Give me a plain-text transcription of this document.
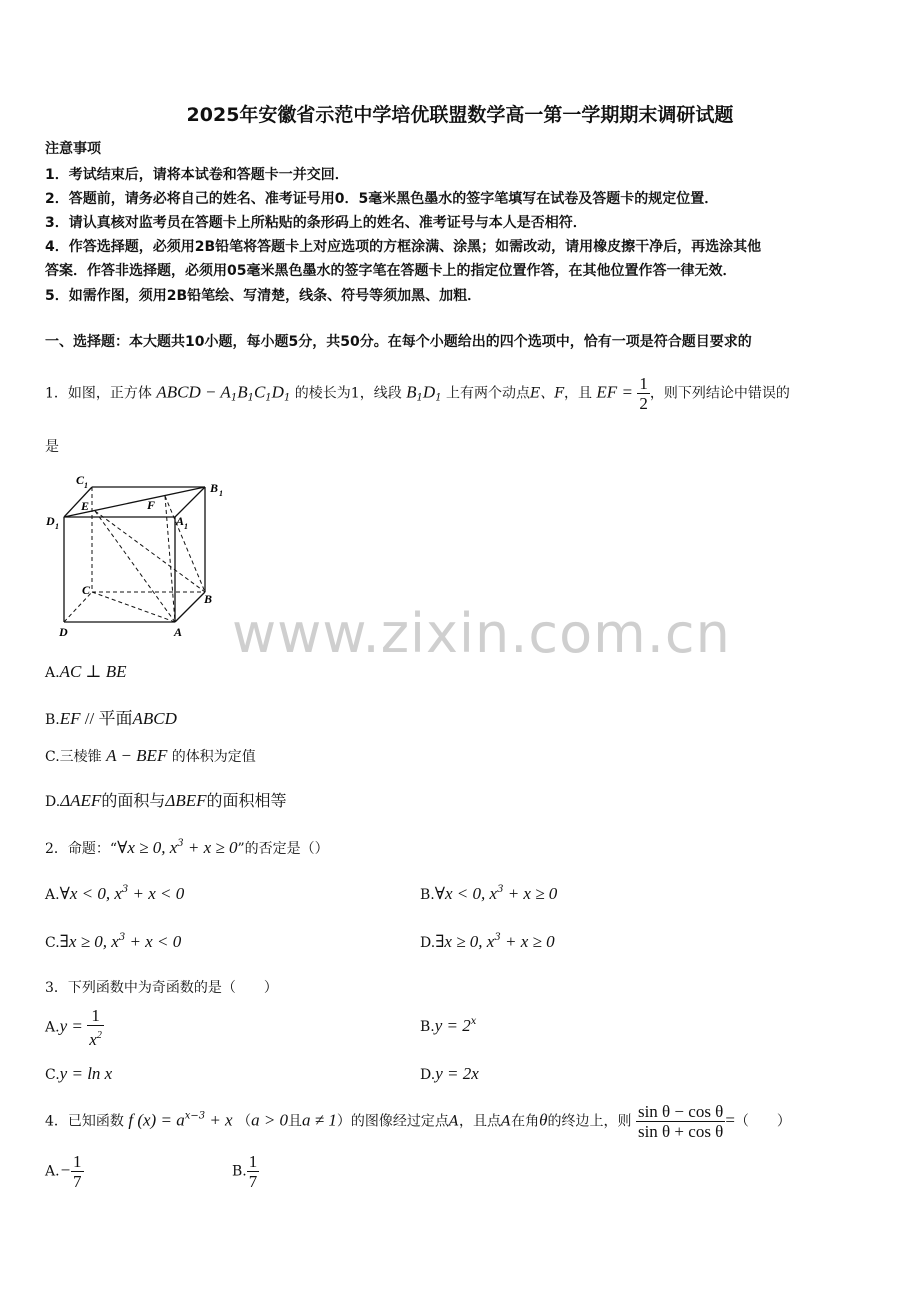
2025年安徽省示范中学培优联盟数学高一第一学期期末调研试题
注意事项
1．考试结束后，请将本试卷和答题卡一并交回．
2．答题前，请务必将自己的姓名、准考证号用0．5毫米黑色墨水的签字笔填写在试卷及答题卡的规定位置．
3．请认真核对监考员在答题卡上所粘贴的条形码上的姓名、准考证号与本人是否相符．
4．作答选择题，必须用2B铅笔将答题卡上对应选项的方框涂满、涂黑；如需改动，请用橡皮擦干净后，再选涂其他
答案．作答非选择题，必须用05毫米黑色墨水的签字笔在答题卡上的指定位置作答，在其他位置作答一律无效．
5．如需作图，须用2B铅笔绘、写清楚，线条、符号等须加黑、加粗．
一、选择题：本大题共10小题，每小题5分，共50分。在每个小题给出的四个选项中，恰有一项是符合题目要求的
1．如图，正方体 ABCD − $A_1B_1C_1D_1$ 的棱长为1，线段 $B_1D_1$ 上有两个动点E、F，且 EF = $\frac{1}{2}$ ，则下列结论中错误的
是
C 1	B 1
D 1	A 1
E	F
C
B
D	A www.zixin.com.cn
A.AC ⊥ BE
B.EF // 平面ABCD
C.三棱锥 A − BEF 的体积为定值
D.ΔAEF的面积与ΔBEF的面积相等
2．命题：“∀x ≥ 0, $x^3 + x \ge 0$”的否定是（）
A.∀x < 0, $x^3 + x < 0$	B.∀x < 0, $x^3 + x \ge 0$
C.∃x ≥ 0, $x^3 + x < 0$	D.∃x ≥ 0, $x^3 + x \ge 0$
3．下列函数中为奇函数的是（　　）
$A.y = \frac{1}{x^2}$	$B.y = 2^x$
C.y = ln x	D.y = 2x
4．已知函数 f $(x) = a^{x-3} + x$ （a > 0且a ≠ 1）的图像经过定点A，且点A在角θ的终边上，则 $\frac{\text{sin θ − cos θ}}{\text{sin θ + cos θ}}$ =（　　）
$A.- \frac{1}{7}$	B. $\frac{1}{7}$
